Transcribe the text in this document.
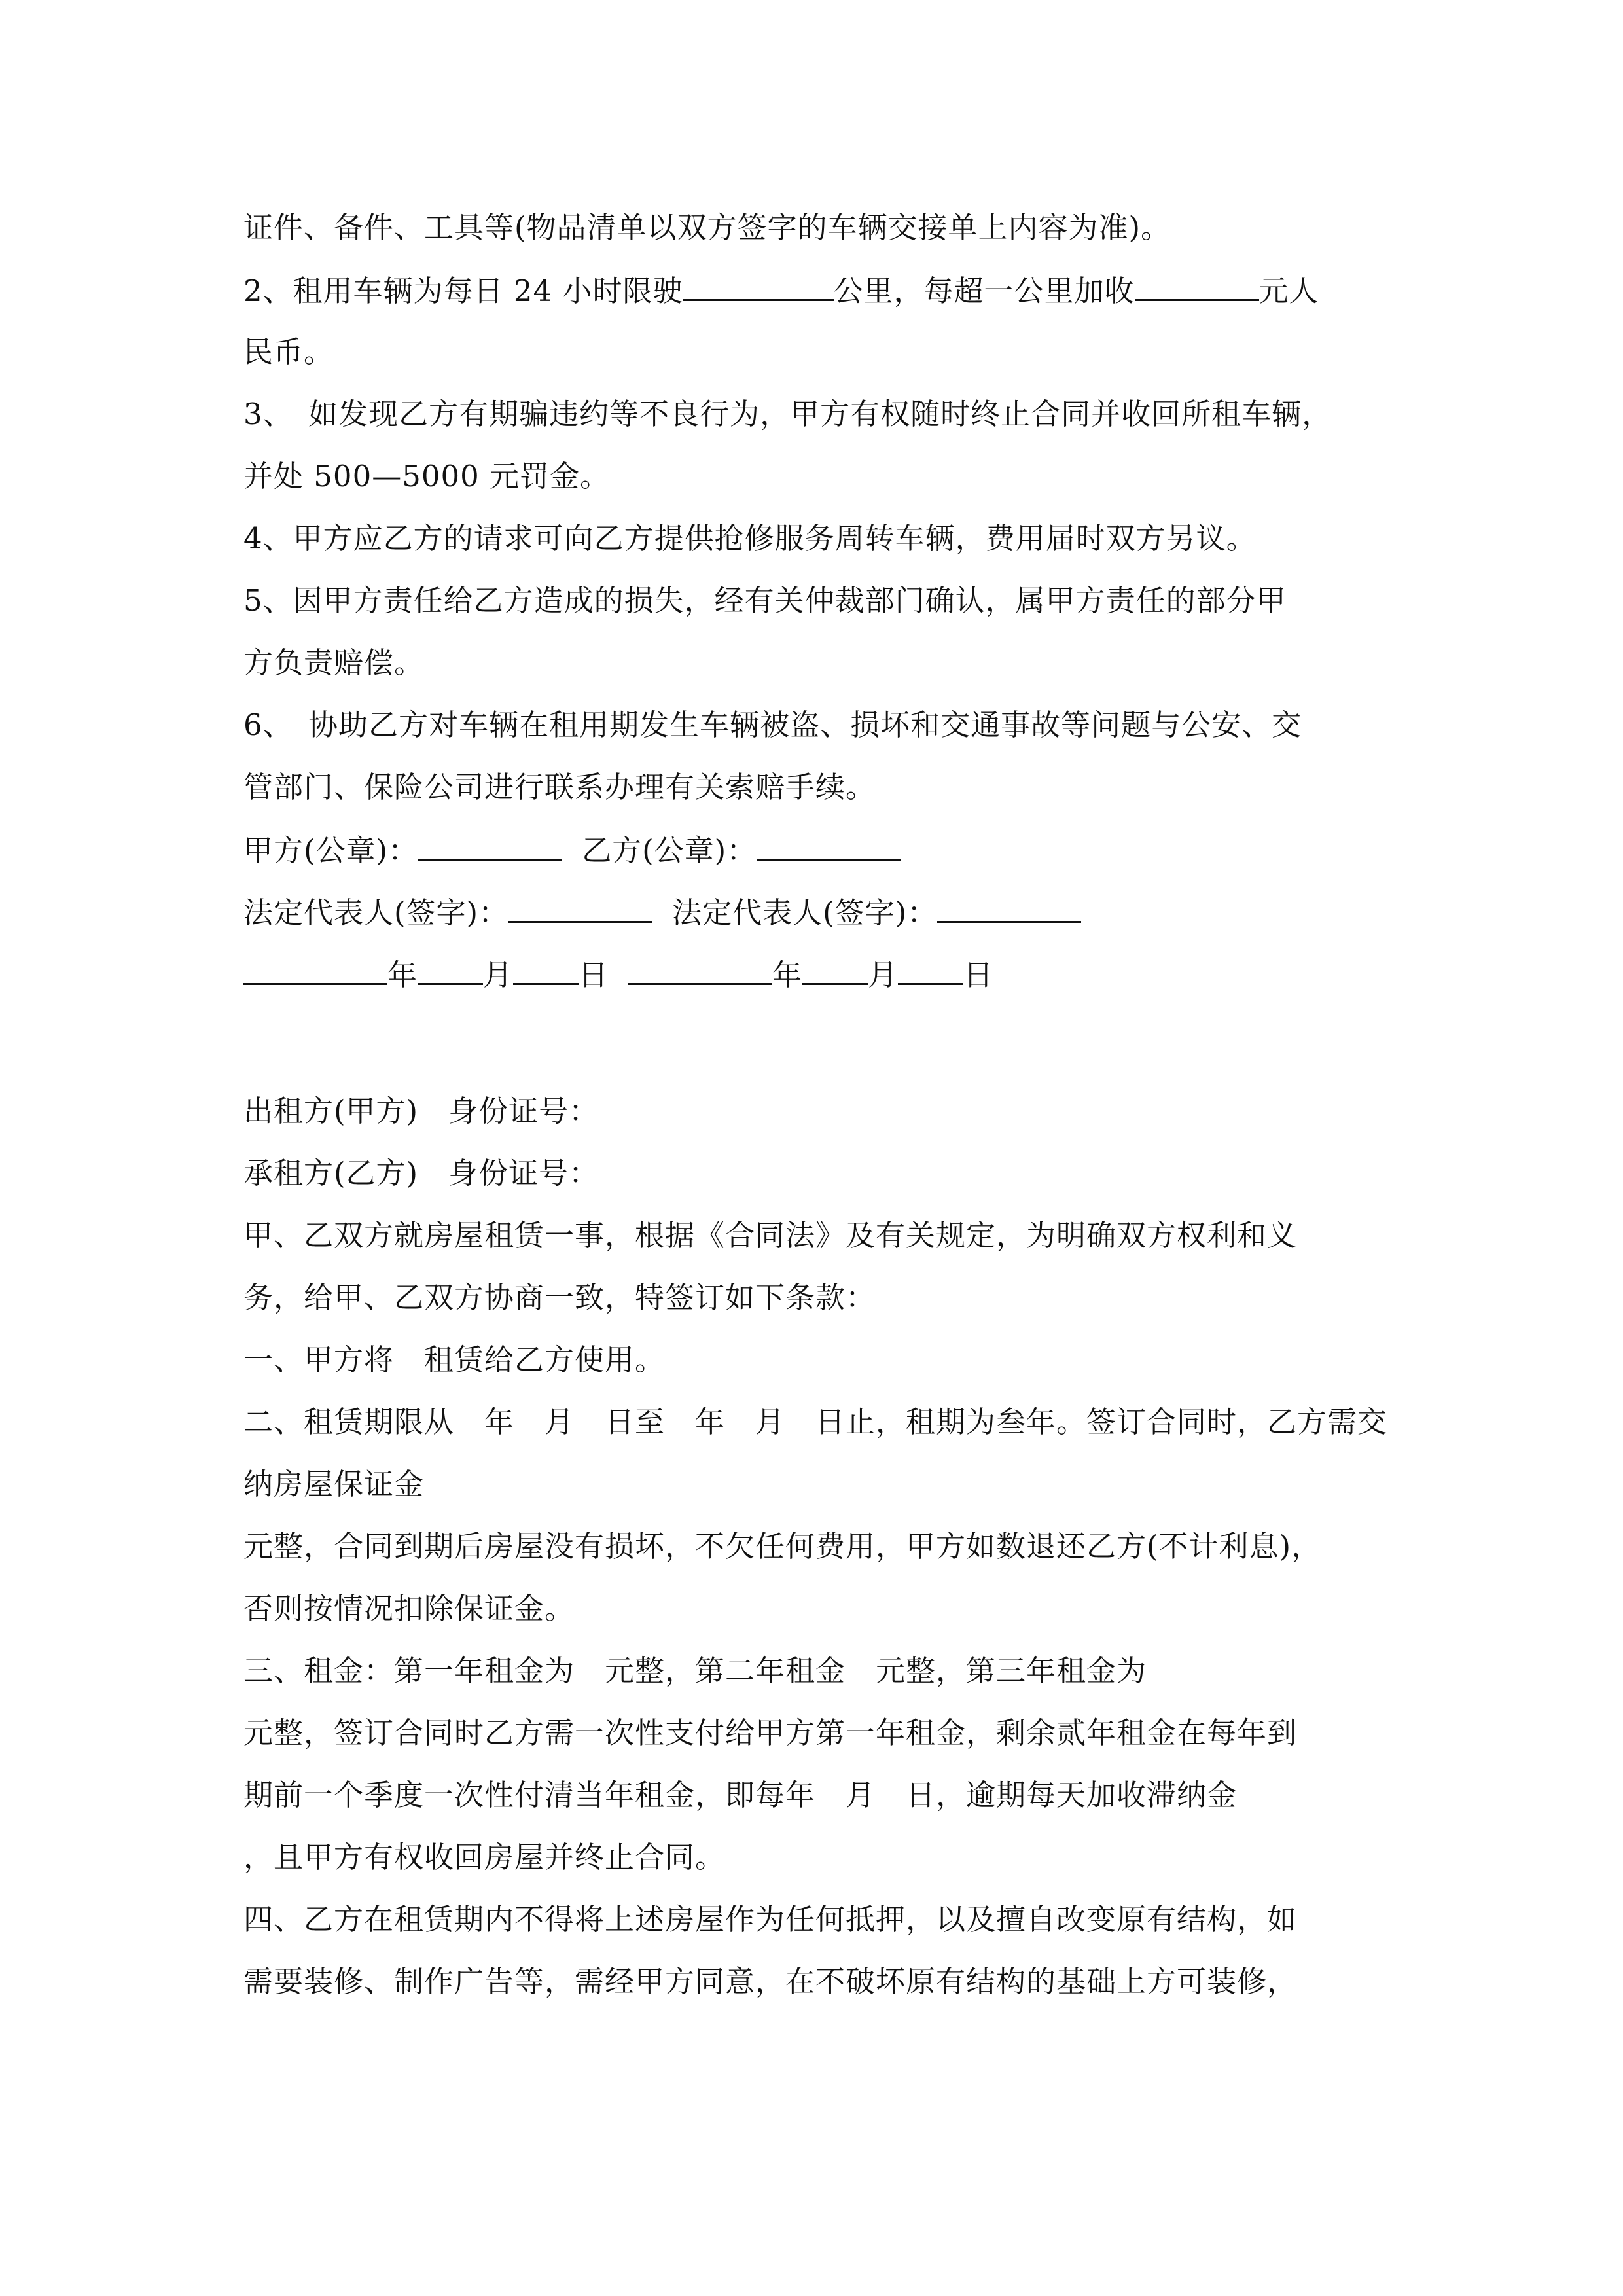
证件、备件、工具等(物品清单以双方签字的车辆交接单上内容为准)。
2、租用车辆为每日 24 小时限驶	公里，每超一公里加收	元人
民币。
3、　如发现乙方有期骗违约等不良行为，甲方有权随时终止合同并收回所租车辆，
并处 500—5000 元罚金。
4、甲方应乙方的请求可向乙方提供抢修服务周转车辆，费用届时双方另议。
5、因甲方责任给乙方造成的损失，经有关仲裁部门确认，属甲方责任的部分甲
方负责赔偿。
6、　协助乙方对车辆在租用期发生车辆被盗、损坏和交通事故等问题与公安、交
管部门、保险公司进行联系办理有关索赔手续。
甲方(公章)：	乙方(公章)：
法定代表人(签字)：	法定代表人(签字)：
年 月 日	年 月 日
出租方(甲方)　身份证号：
承租方(乙方)　身份证号：
甲、乙双方就房屋租赁一事，根据《合同法》及有关规定，为明确双方权利和义
务，给甲、乙双方协商一致，特签订如下条款：
一、甲方将　租赁给乙方使用。
二、租赁期限从　年　月　日至　年　月　日止，租期为叁年。签订合同时，乙方需交
纳房屋保证金
元整，合同到期后房屋没有损坏，不欠任何费用，甲方如数退还乙方(不计利息)，
否则按情况扣除保证金。
三、租金：第一年租金为　元整，第二年租金　元整，第三年租金为
元整，签订合同时乙方需一次性支付给甲方第一年租金，剩余贰年租金在每年到
期前一个季度一次性付清当年租金，即每年　月　日，逾期每天加收滞纳金
，且甲方有权收回房屋并终止合同。
四、乙方在租赁期内不得将上述房屋作为任何抵押，以及擅自改变原有结构，如
需要装修、制作广告等，需经甲方同意，在不破坏原有结构的基础上方可装修，
